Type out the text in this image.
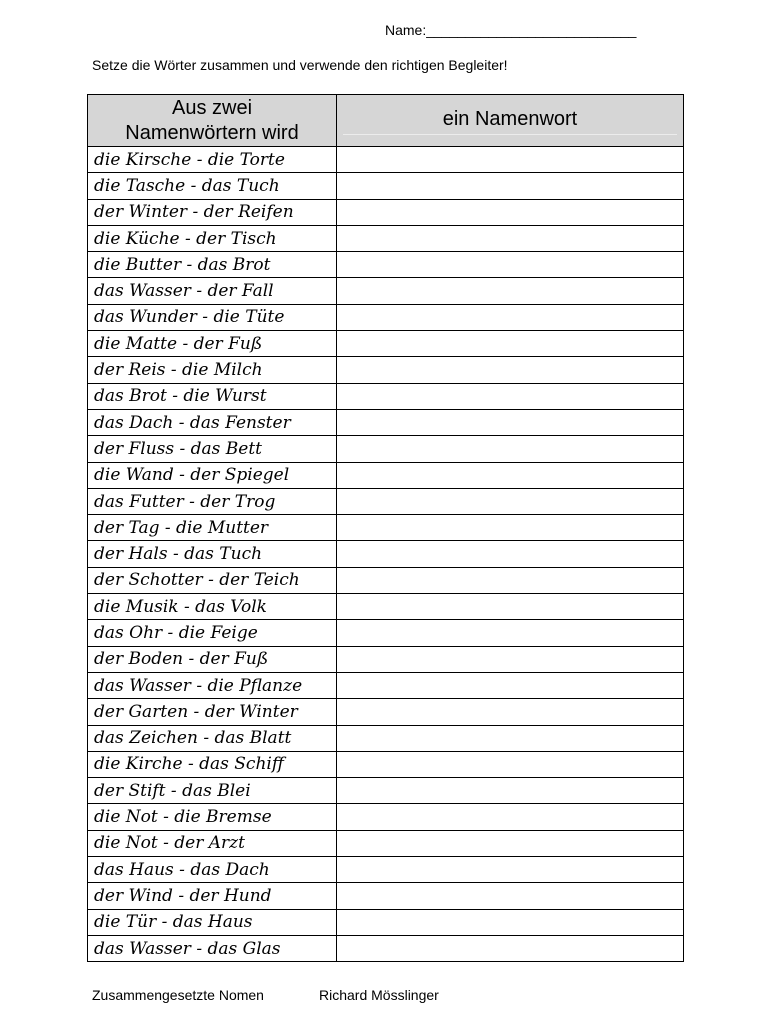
Name:___________________________
Setze die Wörter zusammen und verwende den richtigen Begleiter!
Aus zwei
Namenwörtern wird	ein Namenwort

die Kirsche - die Torte	
die Tasche - das Tuch	
der Winter - der Reifen	
die Küche - der Tisch	
die Butter - das Brot	
das Wasser - der Fall	
das Wunder - die Tüte	
die Matte - der Fuß	
der Reis - die Milch	
das Brot - die Wurst	
das Dach - das Fenster	
der Fluss - das Bett	
die Wand - der Spiegel	
das Futter - der Trog	
der Tag - die Mutter	
der Hals - das Tuch	
der Schotter - der Teich	
die Musik - das Volk	
das Ohr - die Feige	
der Boden - der Fuß	
das Wasser - die Pflanze	
der Garten - der Winter	
das Zeichen - das Blatt	
die Kirche - das Schiff	
der Stift - das Blei	
die Not - die Bremse	
die Not - der Arzt	
das Haus - das Dach	
der Wind - der Hund	
die Tür - das Haus	
das Wasser - das Glas	
Zusammengesetzte Nomen	Richard Mösslinger
